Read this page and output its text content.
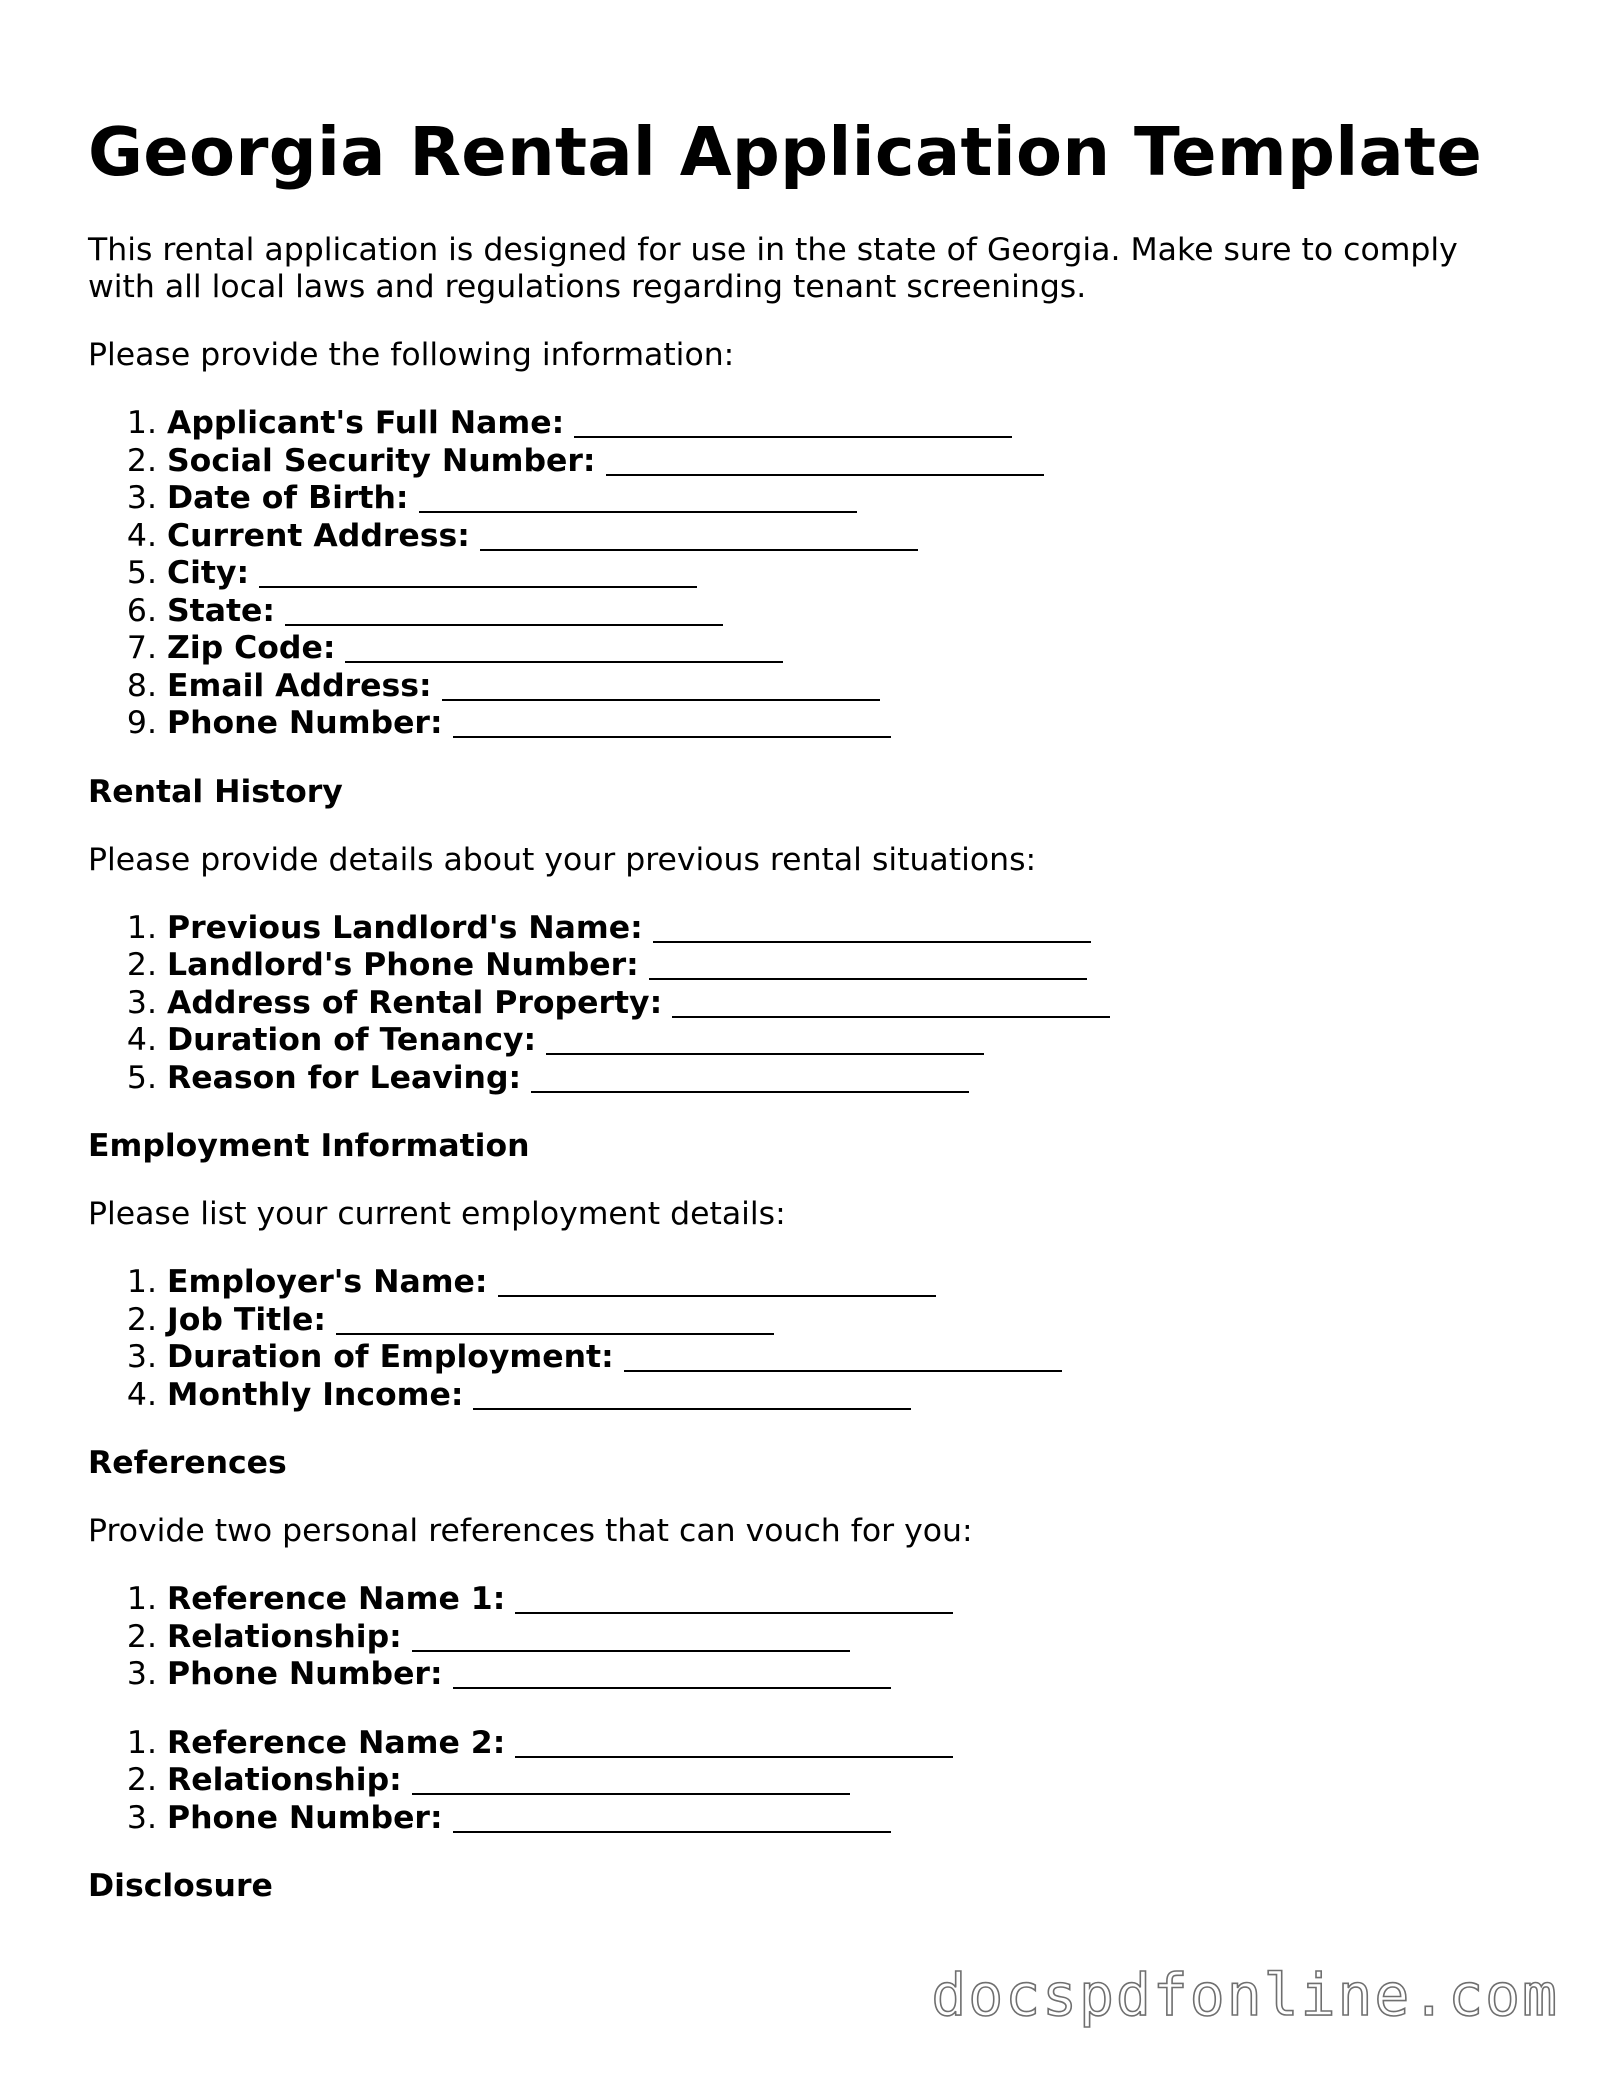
Georgia Rental Application Template

This rental application is designed for use in the state of Georgia. Make sure to comply with all local laws and regulations regarding tenant screenings.

Please provide the following information:

1. Applicant's Full Name:
2. Social Security Number:
3. Date of Birth:
4. Current Address:
5. City:
6. State:
7. Zip Code:
8. Email Address:
9. Phone Number:
Rental History

Please provide details about your previous rental situations:

1. Previous Landlord's Name:
2. Landlord's Phone Number:
3. Address of Rental Property:
4. Duration of Tenancy:
5. Reason for Leaving:
Employment Information

Please list your current employment details:

1. Employer's Name:
2. Job Title:
3. Duration of Employment:
4. Monthly Income:
References

Provide two personal references that can vouch for you:

1. Reference Name 1:
2. Relationship:
3. Phone Number:
1. Reference Name 2:
2. Relationship:
3. Phone Number:
Disclosure
docspdfonline.com
